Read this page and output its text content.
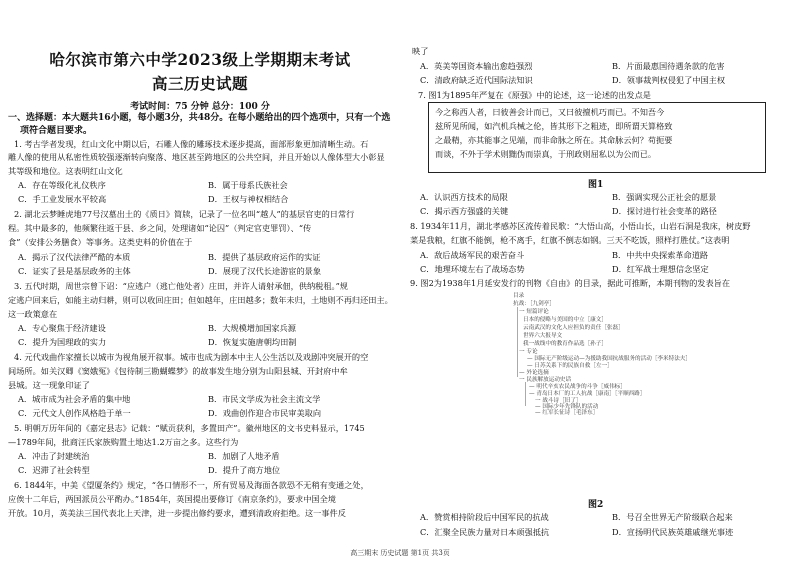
哈尔滨市第六中学2023级上学期期末考试
高三历史试题
考试时间：75 分钟 总分：100 分
一、选择题：本大题共16小题，每小题3分，共48分。在每小题给出的四个选项中，只有一个选
项符合题目要求。
1. 考古学者发现，红山文化中期以后，石雕人像的雕琢技术逐步提高，面部形象更加清晰生动。石
雕人像的使用从私密性质较强逐渐转向聚落、地区甚至跨地区的公共空间，并且开始以人像体型大小彰显
其等级和地位。这表明红山文化
A．存在等级化礼仪秩序	B．属于母系氏族社会
C．手工业发展水平较高	D．王权与神权相结合
2. 湖北云梦睡虎地77号汉墓出土的《质日》简牍，记录了一位名叫“越人”的基层官吏的日常行
程。其中最多的，他频繁往返于县、乡之间，处理诸如“论囚”（判定官吏罪罚）、“传
食”（安排公务膳食）等事务。这类史料的价值在于
A．揭示了汉代法律严酷的本质	B．提供了基层政府运作的实证
C．证实了县是基层政务的主体	D．展现了汉代长途游宦的景象
3. 五代时期，周世宗曾下诏：“应逃户（逃亡他处者）庄田，并许人请射承佃，供纳税租。”规
定逃户回来后，如能主动归耕，则可以收回庄田；但如越年，庄田越多；数年未归，土地则不再归还田主。
这一政策意在
A．专心聚焦于经济建设	B．大规模增加国家兵源
C．提升为国理政的实力	D．恢复实施唐朝均田制
4. 元代戏曲作家擅长以城市为视角展开叙事。城市也成为剧本中主人公生活以及戏剧冲突展开的空
间场所。如关汉卿《窦娥冤》《包待制三勘蝴蝶梦》的故事发生地分别为山阳县城、开封府中牟
县城。这一现象印证了
A．城市成为社会矛盾的集中地	B．市民文学成为社会主流文学
C．元代文人创作风格趋于单一	D．戏曲创作迎合市民审美取向
5. 明朝万历年间的《嘉定县志》记载：“赋贡获利，多置田产”。徽州地区的文书史料显示，1745
—1789年间，批商汪氏家族购置土地达1.2万亩之多。这些行为
A．冲击了封建统治	B．加剧了人地矛盾
C．迟滞了社会转型	D．提升了商方地位
6. 1844年，中美《望厦条约》规定，“各口情形不一，所有贸易及海面各款恐不无稍有变通之处，
应俟十二年后，两国派员公平酌办。”1854年，英国提出要修订《南京条约》，要求中国全境
开放。10月，英美法三国代表北上天津，进一步提出修约要求，遭到清政府拒绝。这一事件反
映了
A．英美等国资本输出愈趋强烈	B．片面最惠国待遇条款的危害
C．清政府缺乏近代国际法知识	D．领事裁判权侵犯了中国主权
7. 图1为1895年严复在《原强》中的论述，这一论述的出发点是
今之称西人者，曰彼善会计而已，又曰彼擅机巧而已。不知吾今
兹所见所闻，如汽机兵械之伦，皆其形下之粗迹，即所谓天算格致
之最精，亦其能事之见端，而非命脉之所在。其命脉云何？苟扼要
而谈，不外于学术则黜伪而崇真，于刑政则屈私以为公而已。
图1
A．认识西方技术的局限	B．强调实现公正社会的愿景
C．揭示西方强盛的关键	D．探讨进行社会变革的路径
8. 1934年11月，湖北孝感苏区流传着民歌：“大悟山高，小悟山长，山岩石洞是我床，树皮野
菜是我粮，红旗不能倒，枪不离手，红旗不倒志如钢。三天不吃饭，照样打胜仗。”这表明
A．敌后战场军民的艰苦奋斗	B．中共中央探索革命道路
C．地理环境左右了战场态势	D．红军战士理想信念坚定
9. 图2为1938年1月延安发行的刊物《自由》的目录，据此可推断，本期刊物的发表旨在
目录
抗战：［九剑亭］
一 短篇评论
日本的侵略与美国的中立［康文］
云南武汉的文化人应担负的责任［张磊］
世界六大报导文
我一战线中的教育作品选［孙子］
一 专论
— 国际无产阶级运动—为援助我国抗战服务的活动［李米特法夫］
— 日苏关系下的民族自救［左一］
— 外论选摘
一 民族解放运动史话
— 明代辛亥农民战争的斗争［威伟标］
— 青岛日本厂的工人抗战［康南］［平顺西路］
一 战斗诗［旧了］
— 国际少年先锋队的活动
— 红军长征诗［毛泽东］
图2
A．赞赏相持阶段后中国军民的抗战	B．号召全世界无产阶级联合起来
C．汇聚全民族力量对日本顽强抵抗	D．宣扬明代民族英雄戚继光事迹
高三期末 历史试题 第1页 共3页
